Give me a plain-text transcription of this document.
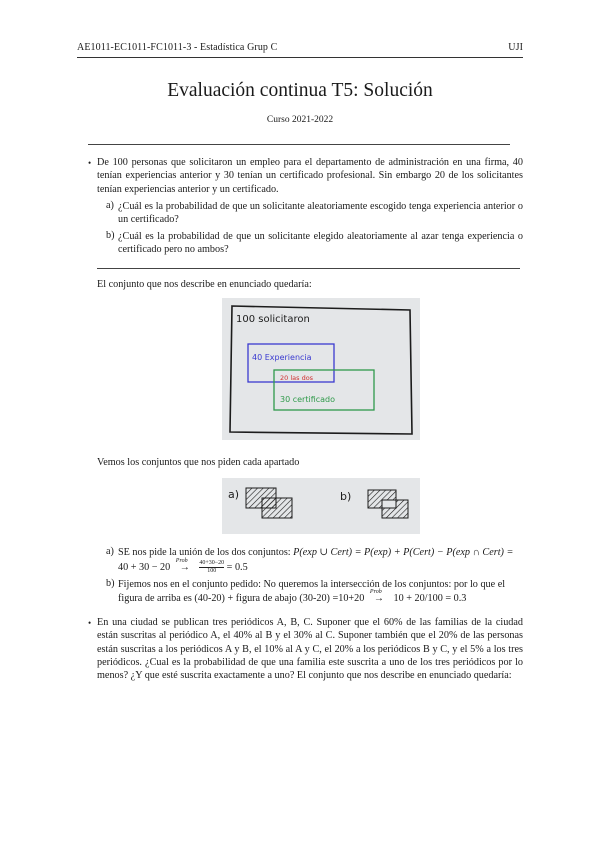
AE1011-EC1011-FC1011-3 - Estadística Grup C	UJI
Evaluación continua T5: Solución
Curso 2021-2022
• De 100 personas que solicitaron un empleo para el departamento de administración en una firma, 40 tenían experiencias anterior y 30 tenían un certificado profesional. Sin embargo 20 de los solicitantes tenían experiencias anterior y un certificado.
a) ¿Cuál es la probabilidad de que un solicitante aleatoriamente escogido tenga experiencia anterior o un certificado?
b) ¿Cuál es la probabilidad de que un solicitante elegido aleatoriamente al azar tenga experiencia o certificado pero no ambos?
El conjunto que nos describe en enunciado quedaría:
100 solicitaron
40 Experiencia
20 las dos
30 certificado
Vemos los conjuntos que nos piden cada apartado
a)	b)
a) SE nos pide la unión de los dos conjuntos: P(exp ∪ Cert) = P(exp) + P(Cert) − P(exp ∩ Cert) =
40 + 30 − 20
Prob
→ $\frac{40+30-20}{100} = 0.5$
b) Fijemos nos en el conjunto pedido: No queremos la intersección de los conjuntos: por lo que el
figura de arriba es (40-20) + figura de abajo (30-20) =10+20
Prob
→ 10 + 20/100 = 0.3
• En una ciudad se publican tres periódicos A, B, C. Suponer que el 60% de las familias de la ciudad están suscritas al periódico A, el 40% al B y el 30% al C. Suponer también que el 20% de las personas están suscritas a los periódicos A y B, el 10% al A y C, el 20% a los periódicos B y C, y el 5% a los tres periódicos. ¿Cual es la probabilidad de que una familia este suscrita a uno de los tres periódicos por lo menos? ¿Y que esté suscrita exactamente a uno? El conjunto que nos describe en enunciado quedaría:
